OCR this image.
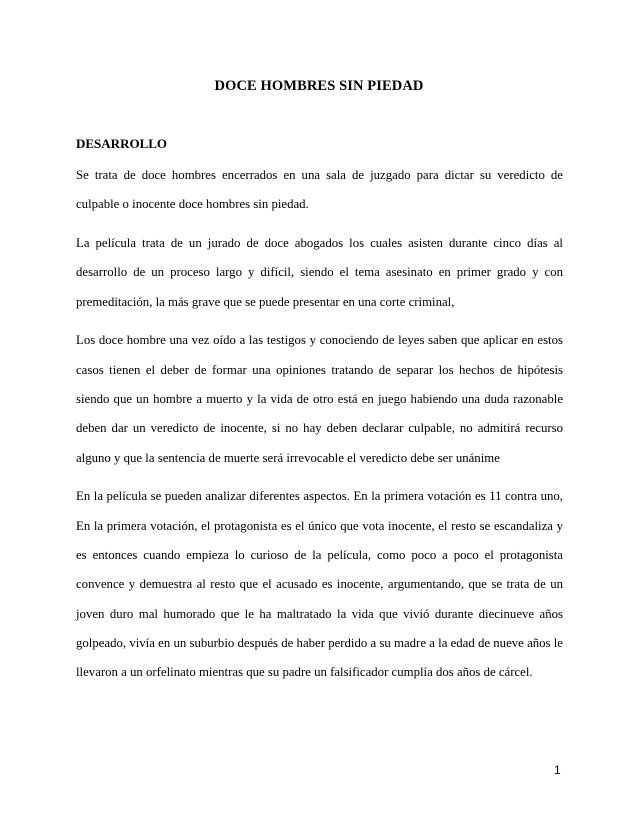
DOCE HOMBRES SIN PIEDAD
DESARROLLO

Se trata de doce hombres encerrados en una sala de juzgado para dictar su veredicto de culpable o inocente doce hombres sin piedad.

La película trata de un jurado de doce abogados los cuales asisten durante cinco días al desarrollo de un proceso largo y difícil, siendo el tema asesinato en primer grado y con premeditación, la más grave que se puede presentar en una corte criminal,

Los doce hombre una vez oído a las testigos y conociendo de leyes saben que aplicar en estos casos tienen el deber de formar una opiniones tratando de separar los hechos de hipótesis siendo que un hombre a muerto y la vida de otro está en juego habiendo una duda razonable deben dar un veredicto de inocente, si no hay deben declarar culpable, no admitirá recurso alguno y que la sentencia de muerte será irrevocable el veredicto debe ser unánime

En la película se pueden analizar diferentes aspectos. En la primera votación es 11 contra uno, En la primera votación, el protagonista es el único que vota inocente, el resto se escandaliza y es entonces cuando empieza lo curioso de la película, como poco a poco el protagonista convence y demuestra al resto que el acusado es inocente, argumentando, que se trata de un joven duro mal humorado que le ha maltratado la vida que vivió durante diecinueve años golpeado, vivía en un suburbio después de haber perdido a su madre a la edad de nueve años le llevaron a un orfelinato mientras que su padre un falsificador cumplía dos años de cárcel.

1
